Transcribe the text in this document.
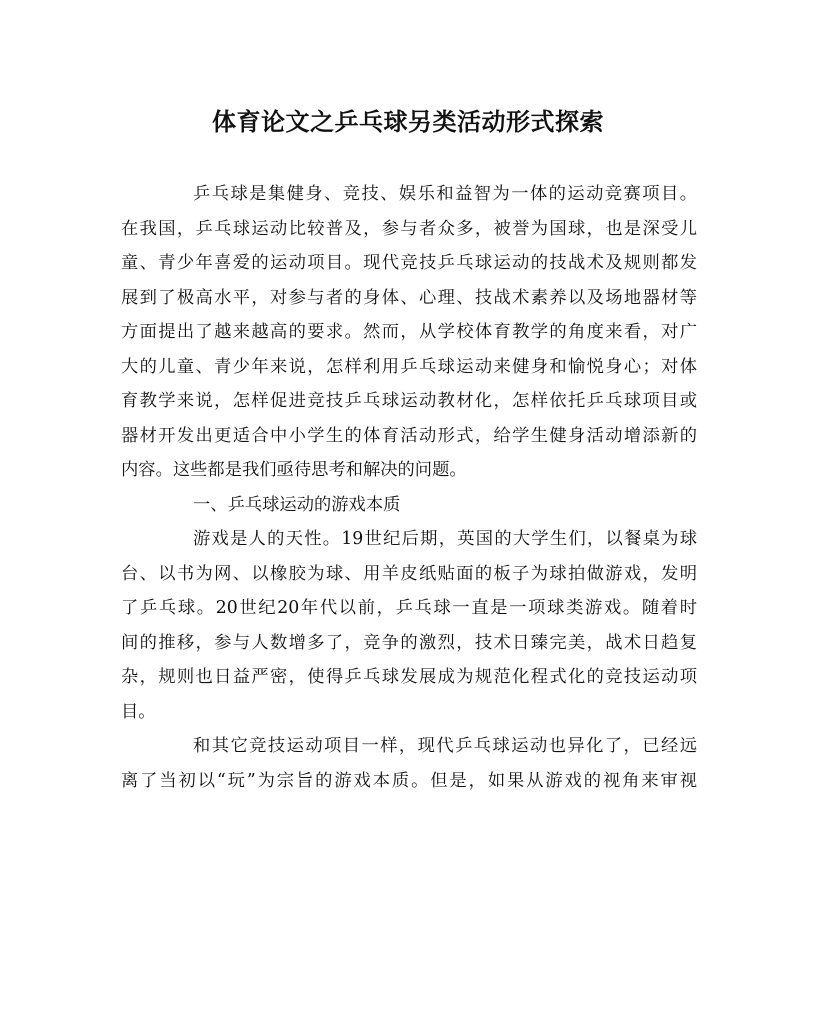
体育论文之乒乓球另类活动形式探索
乒乓球是集健身、竞技、娱乐和益智为一体的运动竞赛项目。
在我国，乒乓球运动比较普及，参与者众多，被誉为国球，也是深受儿
童、青少年喜爱的运动项目。现代竞技乒乓球运动的技战术及规则都发
展到了极高水平，对参与者的身体、心理、技战术素养以及场地器材等
方面提出了越来越高的要求。然而，从学校体育教学的角度来看，对广
大的儿童、青少年来说，怎样利用乒乓球运动来健身和愉悦身心；对体
育教学来说，怎样促进竞技乒乓球运动教材化，怎样依托乒乓球项目或
器材开发出更适合中小学生的体育活动形式，给学生健身活动增添新的
内容。这些都是我们亟待思考和解决的问题。
一、乒乓球运动的游戏本质
游戏是人的天性。19世纪后期，英国的大学生们，以餐桌为球
台、以书为网、以橡胶为球、用羊皮纸贴面的板子为球拍做游戏，发明
了乒乓球。20世纪20年代以前，乒乓球一直是一项球类游戏。随着时
间的推移，参与人数增多了，竞争的激烈，技术日臻完美，战术日趋复
杂，规则也日益严密，使得乒乓球发展成为规范化程式化的竞技运动项
目。
和其它竞技运动项目一样，现代乒乓球运动也异化了，已经远
离了当初以“玩”为宗旨的游戏本质。但是，如果从游戏的视角来审视
